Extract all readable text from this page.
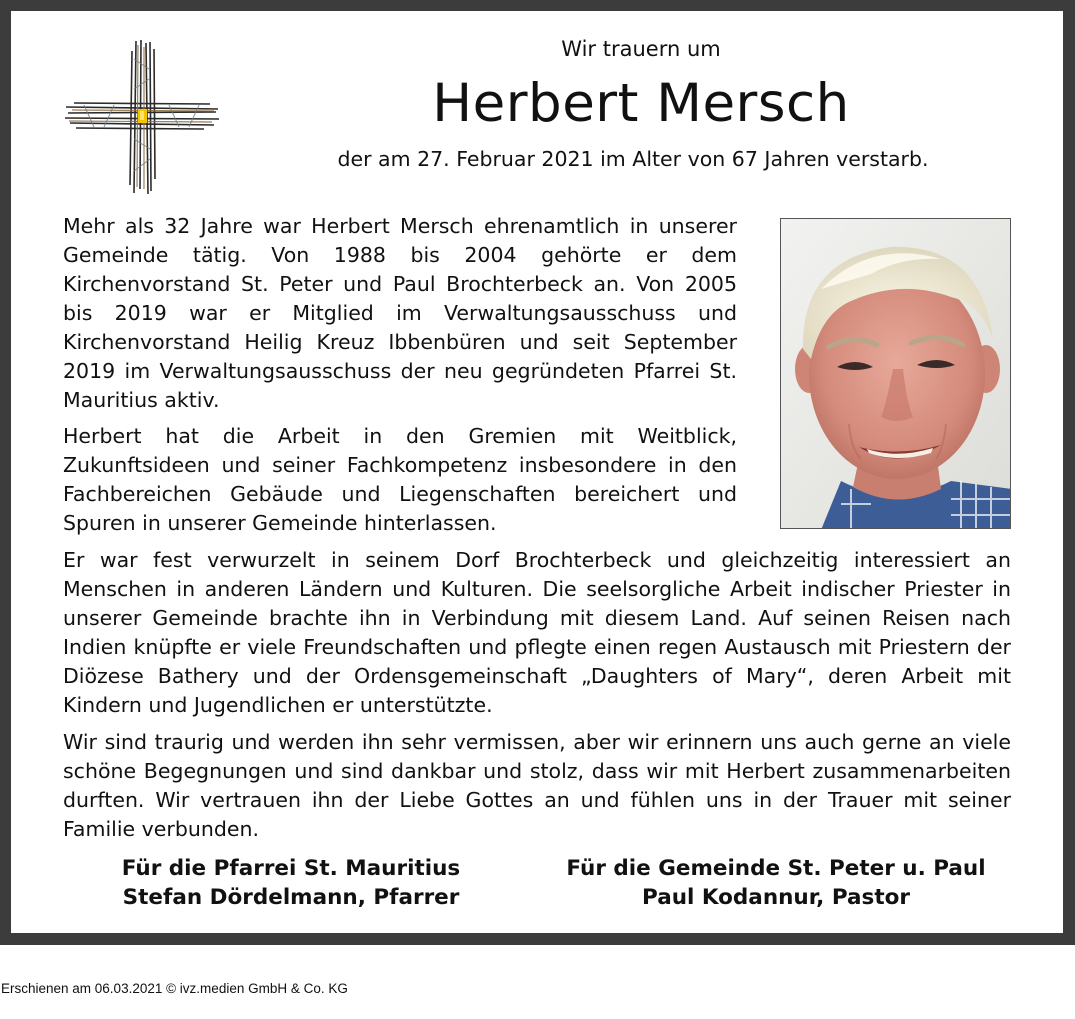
Wir trauern um
Herbert Mersch
der am 27. Februar 2021 im Alter von 67 Jahren verstarb.

Mehr als 32 Jahre war Herbert Mersch ehrenamtlich in unserer Gemeinde tätig. Von 1988 bis 2004 gehörte er dem Kirchenvorstand St. Peter und Paul Brochterbeck an. Von 2005 bis 2019 war er Mitglied im Verwaltungsausschuss und Kirchenvorstand Heilig Kreuz Ibbenbüren und seit September 2019 im Verwaltungsausschuss der neu gegründeten Pfarrei St. Mauritius aktiv.

Herbert hat die Arbeit in den Gremien mit Weitblick, Zukunftsideen und seiner Fachkompetenz insbesondere in den Fachbereichen Gebäude und Liegenschaften bereichert und Spuren in unserer Gemeinde hinterlassen.

Er war fest verwurzelt in seinem Dorf Brochterbeck und gleichzeitig interessiert an Menschen in anderen Ländern und Kulturen. Die seelsorgliche Arbeit indischer Priester in unserer Gemeinde brachte ihn in Verbindung mit diesem Land. Auf seinen Reisen nach Indien knüpfte er viele Freundschaften und pflegte einen regen Austausch mit Priestern der Diözese Bathery und der Ordensgemeinschaft „Daughters of Mary“, deren Arbeit mit Kindern und Jugendlichen er unterstützte.

Wir sind traurig und werden ihn sehr vermissen, aber wir erinnern uns auch gerne an viele schöne Begegnungen und sind dankbar und stolz, dass wir mit Herbert zusammenarbeiten durften. Wir vertrauen ihn der Liebe Gottes an und fühlen uns in der Trauer mit seiner Familie verbunden.

Für die Pfarrei St. Mauritius
Stefan Dördelmann, Pfarrer
Für die Gemeinde St. Peter u. Paul
Paul Kodannur, Pastor
Erschienen am 06.03.2021 © ivz.medien GmbH & Co. KG
